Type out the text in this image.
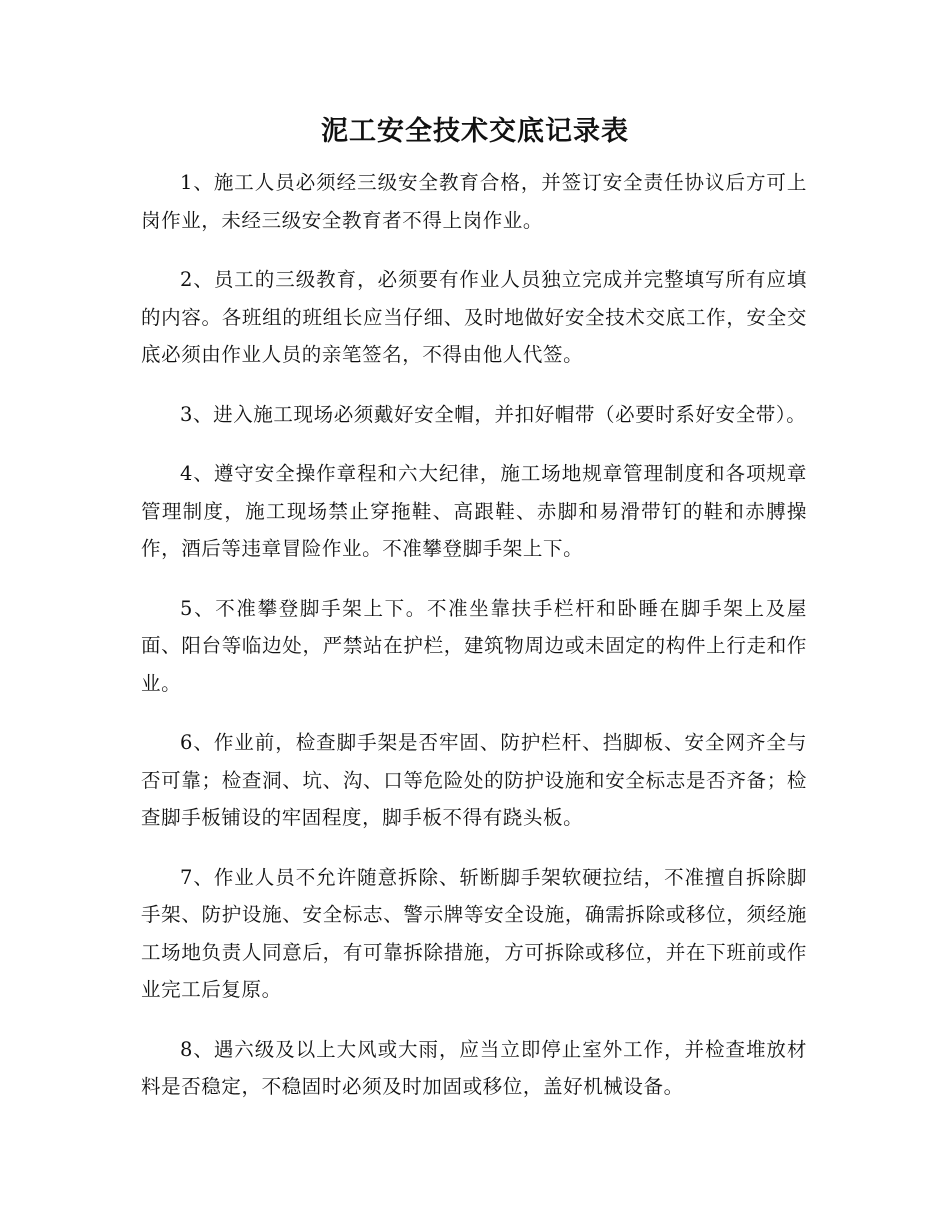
泥工安全技术交底记录表

1、施工人员必须经三级安全教育合格，并签订安全责任协议后方可上岗作业，未经三级安全教育者不得上岗作业。

2、员工的三级教育，必须要有作业人员独立完成并完整填写所有应填的内容。各班组的班组长应当仔细、及时地做好安全技术交底工作，安全交底必须由作业人员的亲笔签名，不得由他人代签。

3、进入施工现场必须戴好安全帽，并扣好帽带（必要时系好安全带）。

4、遵守安全操作章程和六大纪律，施工场地规章管理制度和各项规章管理制度，施工现场禁止穿拖鞋、高跟鞋、赤脚和易滑带钉的鞋和赤膊操作，酒后等违章冒险作业。不准攀登脚手架上下。

5、不准攀登脚手架上下。不准坐靠扶手栏杆和卧睡在脚手架上及屋面、阳台等临边处，严禁站在护栏，建筑物周边或未固定的构件上行走和作业。

6、作业前，检查脚手架是否牢固、防护栏杆、挡脚板、安全网齐全与否可靠；检查洞、坑、沟、口等危险处的防护设施和安全标志是否齐备；检查脚手板铺设的牢固程度，脚手板不得有跷头板。

7、作业人员不允许随意拆除、斩断脚手架软硬拉结，不准擅自拆除脚手架、防护设施、安全标志、警示牌等安全设施，确需拆除或移位，须经施工场地负责人同意后，有可靠拆除措施，方可拆除或移位，并在下班前或作业完工后复原。

8、遇六级及以上大风或大雨，应当立即停止室外工作，并检查堆放材料是否稳定，不稳固时必须及时加固或移位，盖好机械设备。
